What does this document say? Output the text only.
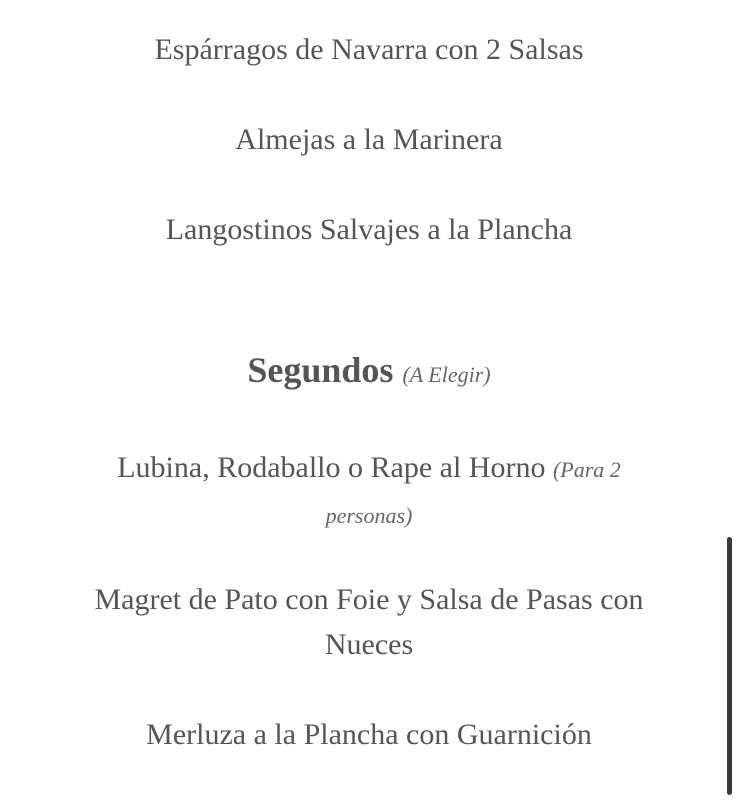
Espárragos de Navarra con 2 Salsas
Almejas a la Marinera
Langostinos Salvajes a la Plancha
Segundos (A Elegir)
Lubina, Rodaballo o Rape al Horno (Para 2
personas)
Magret de Pato con Foie y Salsa de Pasas con
Nueces
Merluza a la Plancha con Guarnición
